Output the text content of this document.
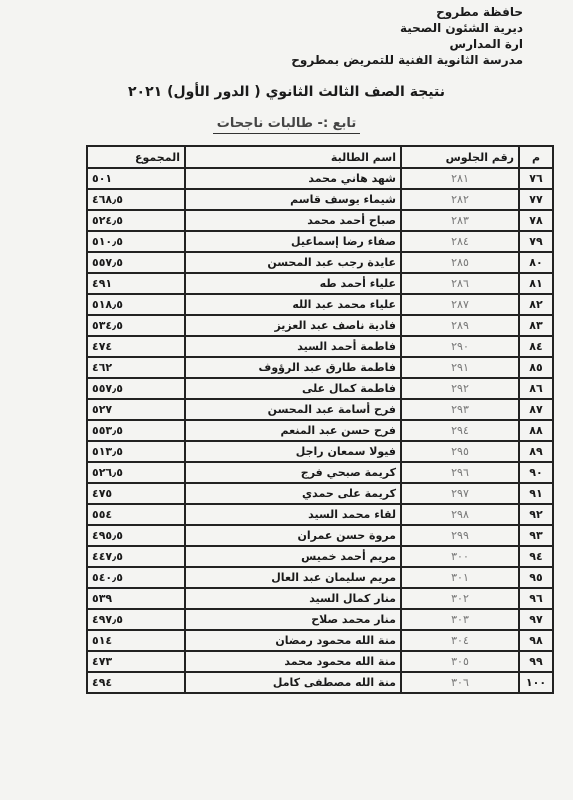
حافظة مطروح
ديرية الشئون الصحية
ارة المدارس
مدرسة الثانوية الفنية للتمريض بمطروح
نتيجة الصف الثالث الثانوي ( الدور الأول) ٢٠٢١
تابع :- طالبات ناجحات
م	رقم الجلوس	اسم الطالبة	المجموع
٧٦	٢٨١	شهد هاني محمد	٥٠١
٧٧	٢٨٢	شيماء يوسف قاسم	٤٦٨٫٥
٧٨	٢٨٣	صباح أحمد محمد	٥٢٤٫٥
٧٩	٢٨٤	صفاء رضا إسماعيل	٥١٠٫٥
٨٠	٢٨٥	عايدة رجب عبد المحسن	٥٥٧٫٥
٨١	٢٨٦	علياء أحمد طه	٤٩١
٨٢	٢٨٧	علياء محمد عبد الله	٥١٨٫٥
٨٣	٢٨٩	فادية ناصف عبد العزيز	٥٣٤٫٥
٨٤	٢٩٠	فاطمة أحمد السيد	٤٧٤
٨٥	٢٩١	فاطمة طارق عبد الرؤوف	٤٦٢
٨٦	٢٩٢	فاطمة كمال على	٥٥٧٫٥
٨٧	٢٩٣	فرح أسامة عبد المحسن	٥٢٧
٨٨	٢٩٤	فرح حسن عبد المنعم	٥٥٣٫٥
٨٩	٢٩٥	فيولا سمعان راجل	٥١٣٫٥
٩٠	٢٩٦	كريمة صبحي فرج	٥٢٦٫٥
٩١	٢٩٧	كريمة على حمدي	٤٧٥
٩٢	٢٩٨	لقاء محمد السيد	٥٥٤
٩٣	٢٩٩	مروة حسن عمران	٤٩٥٫٥
٩٤	٣٠٠	مريم أحمد خميس	٤٤٧٫٥
٩٥	٣٠١	مريم سليمان عبد العال	٥٤٠٫٥
٩٦	٣٠٢	منار كمال السيد	٥٣٩
٩٧	٣٠٣	منار محمد صلاح	٤٩٧٫٥
٩٨	٣٠٤	منة الله محمود رمضان	٥١٤
٩٩	٣٠٥	منة الله محمود محمد	٤٧٣
١٠٠	٣٠٦	منة الله مصطفى كامل	٤٩٤
